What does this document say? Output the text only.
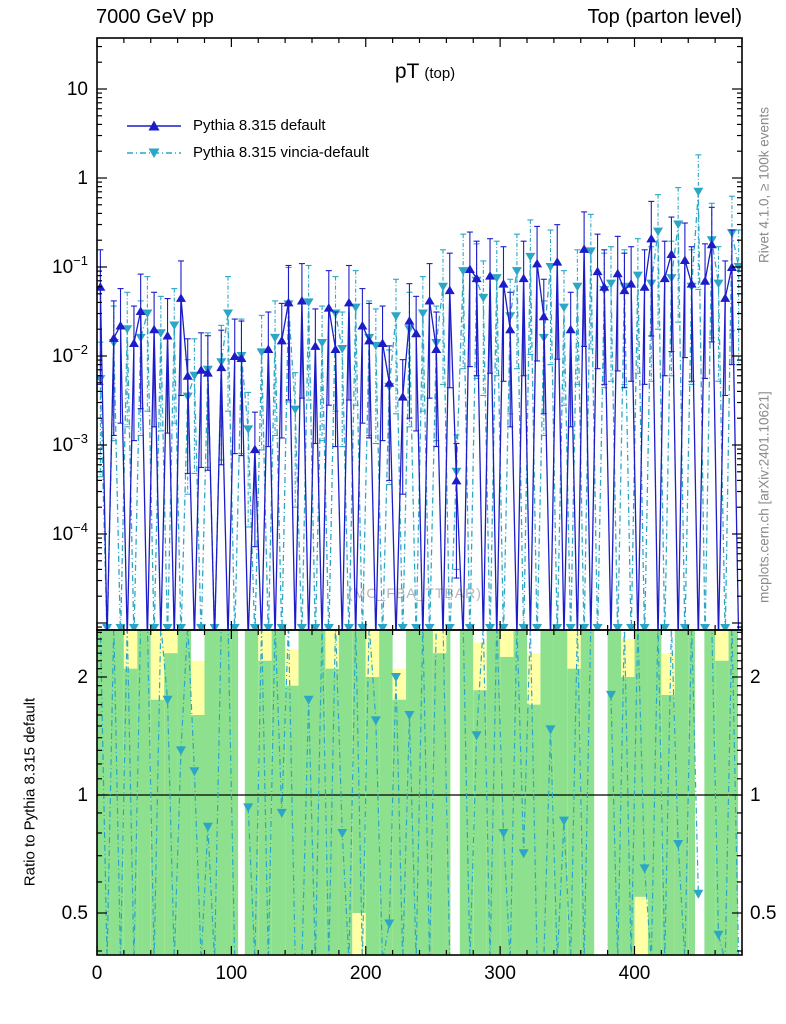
7000 GeV pp	Top (parton level)
pT (top)
Pythia 8.315 default
Pythia 8.315 vincia-default	Rivet 4.1.0, ≥ 100k events
mcplots.cern.ch [arXiv:2401.10621]
(MC_FBA_TTBAR)
Ratio to Pythia 8.315 default
10
1
$10^{-1}$
$10^{-2}$
$10^{-3}$
$10^{-4}$
0	100	200	300	400
2	2
1	1
0.5	0.5
